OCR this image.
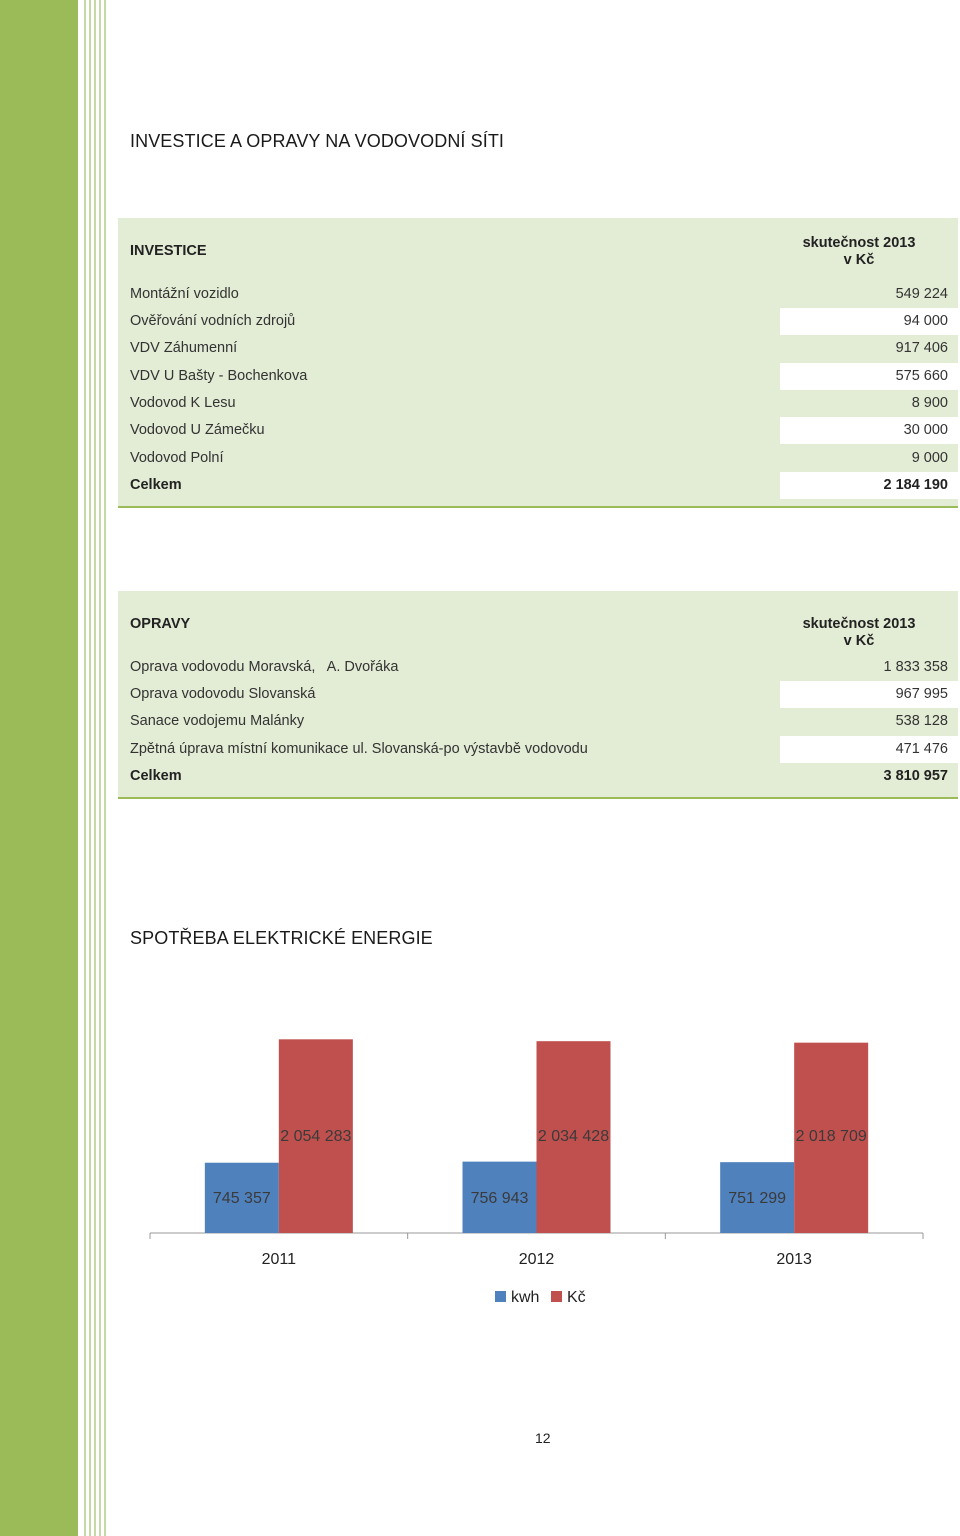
INVESTICE A OPRAVY NA VODOVODNÍ SÍTI
INVESTICE	skutečnost 2013
v Kč
Montážní vozidlo	549 224
Ověřování vodních zdrojů	94 000
VDV Záhumenní	917 406
VDV U Bašty - Bochenkova	575 660
Vodovod K Lesu	8 900
Vodovod U Zámečku	30 000
Vodovod Polní	9 000
Celkem	2 184 190
OPRAVY	skutečnost 2013
v Kč
Oprava vodovodu Moravská,   A. Dvořáka	1 833 358
Oprava vodovodu Slovanská	967 995
Sanace vodojemu Malánky	538 128
Zpětná úprava místní komunikace ul. Slovanská-po výstavbě vodovodu	471 476
Celkem	3 810 957
SPOTŘEBA ELEKTRICKÉ ENERGIE
745 357
2 054 283
2011
756 943
2 034 428
2012
751 299
2 018 709
2013
kwh Kč
12
